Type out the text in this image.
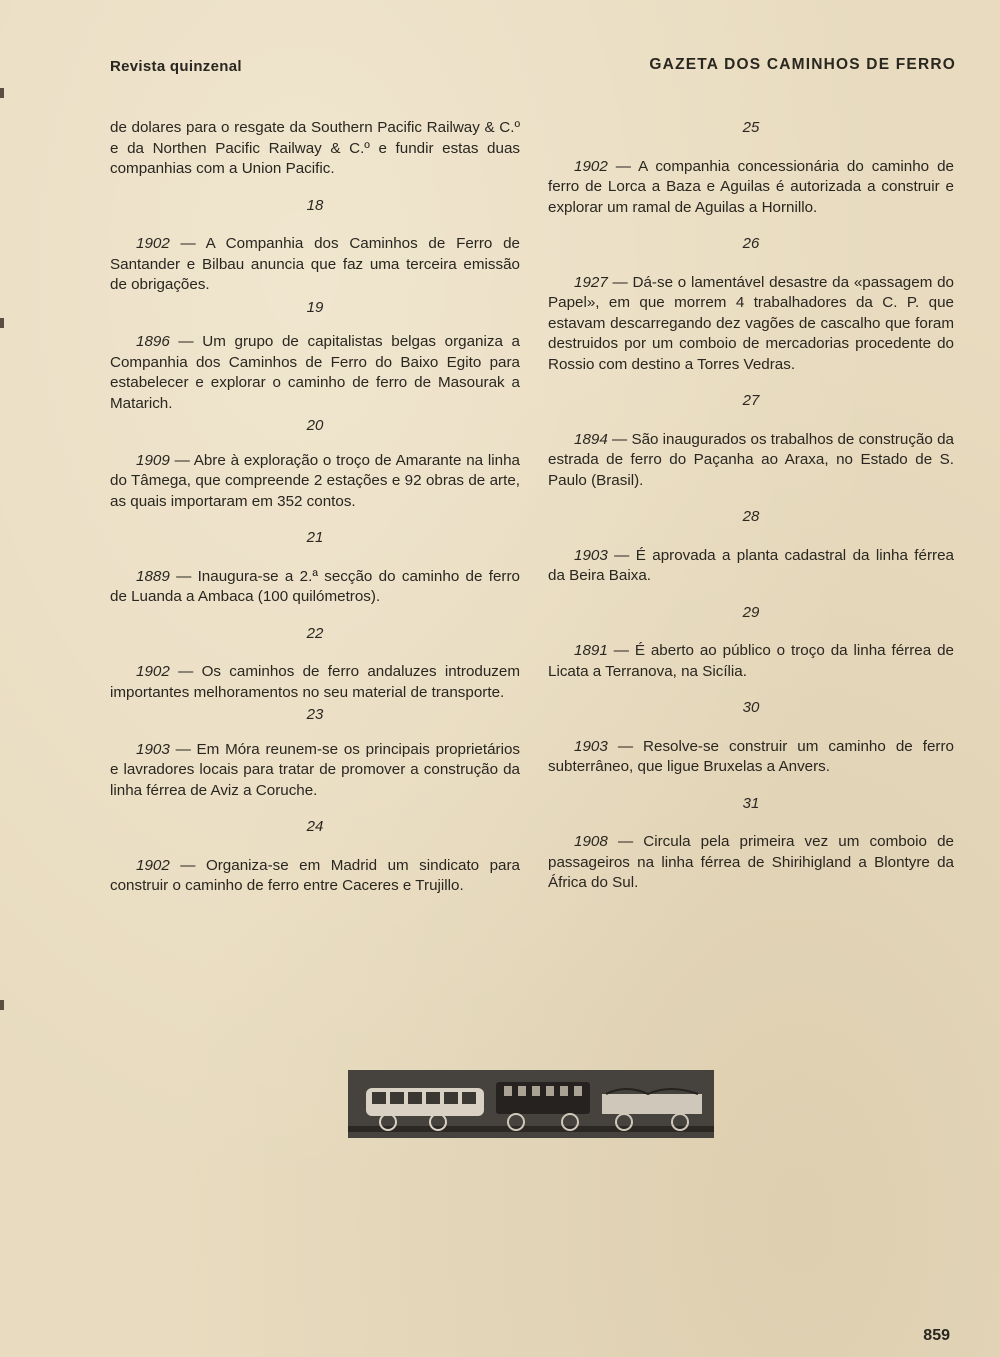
Revista quinzenal	GAZETA DOS CAMINHOS DE FERRO

de dolares para o resgate da Southern Pacific Railway & C.º e da Northen Pacific Railway & C.º e fundir estas duas companhias com a Union Pacific.

18

1902 — A Companhia dos Caminhos de Ferro de Santander e Bilbau anuncia que faz uma terceira emissão de obrigações.

19

1896 — Um grupo de capitalistas belgas organiza a Companhia dos Caminhos de Ferro do Baixo Egito para estabelecer e explorar o caminho de ferro de Masourak a Matarich.

20

1909 — Abre à exploração o troço de Amarante na linha do Tâmega, que compreende 2 estações e 92 obras de arte, as quais importaram em 352 contos.

21

1889 — Inaugura-se a 2.ª secção do caminho de ferro de Luanda a Ambaca (100 quilómetros).

22

1902 — Os caminhos de ferro andaluzes introduzem importantes melhoramentos no seu material de transporte.

23

1903 — Em Móra reunem-se os principais proprietários e lavradores locais para tratar de promover a construção da linha férrea de Aviz a Coruche.

24

1902 — Organiza-se em Madrid um sindicato para construir o caminho de ferro entre Caceres e Trujillo.

25

1902 — A companhia concessionária do caminho de ferro de Lorca a Baza e Aguilas é autorizada a construir e explorar um ramal de Aguilas a Hornillo.

26

1927 — Dá-se o lamentável desastre da «passagem do Papel», em que morrem 4 trabalhadores da C. P. que estavam descarregando dez vagões de cascalho que foram destruidos por um comboio de mercadorias procedente do Rossio com destino a Torres Vedras.

27

1894 — São inaugurados os trabalhos de construção da estrada de ferro do Paçanha ao Araxa, no Estado de S. Paulo (Brasil).

28

1903 — É aprovada a planta cadastral da linha férrea da Beira Baixa.

29

1891 — É aberto ao público o troço da linha férrea de Licata a Terranova, na Sicília.

30

1903 — Resolve-se construir um caminho de ferro subterrâneo, que ligue Bruxelas a Anvers.

31

1908 — Circula pela primeira vez um comboio de passageiros na linha férrea de Shirihigland a Blontyre da África do Sul.

859
